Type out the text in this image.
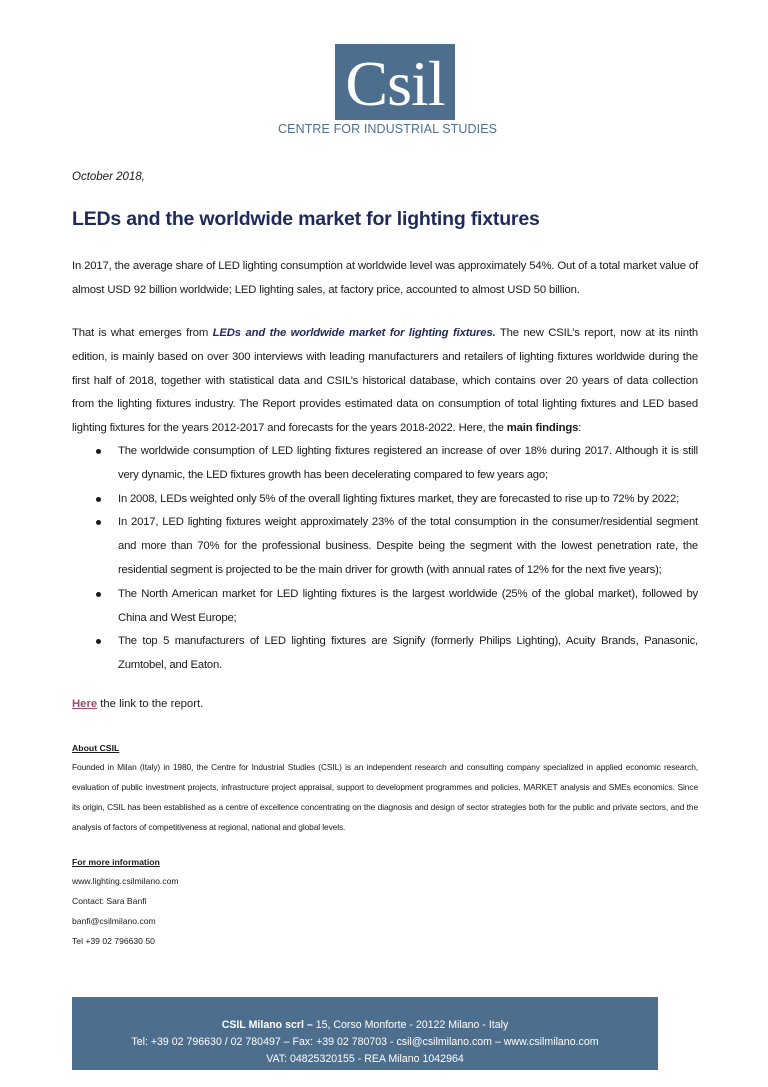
Csil
CENTRE FOR INDUSTRIAL STUDIES
October 2018,
LEDs and the worldwide market for lighting fixtures
In 2017, the average share of LED lighting consumption at worldwide level was approximately 54%. Out of a total market value of almost USD 92 billion worldwide; LED lighting sales, at factory price, accounted to almost USD 50 billion.
That is what emerges from LEDs and the worldwide market for lighting fixtures. The new CSIL’s report, now at its ninth edition, is mainly based on over 300 interviews with leading manufacturers and retailers of lighting fixtures worldwide during the first half of 2018, together with statistical data and CSIL’s historical database, which contains over 20 years of data collection from the lighting fixtures industry. The Report provides estimated data on consumption of total lighting fixtures and LED based lighting fixtures for the years 2012-2017 and forecasts for the years 2018-2022. Here, the main findings:
The worldwide consumption of LED lighting fixtures registered an increase of over 18% during 2017. Although it is still very dynamic, the LED fixtures growth has been decelerating compared to few years ago;
In 2008, LEDs weighted only 5% of the overall lighting fixtures market, they are forecasted to rise up to 72% by 2022;
In 2017, LED lighting fixtures weight approximately 23% of the total consumption in the consumer/residential segment and more than 70% for the professional business. Despite being the segment with the lowest penetration rate, the residential segment is projected to be the main driver for growth (with annual rates of 12% for the next five years);
The North American market for LED lighting fixtures is the largest worldwide (25% of the global market), followed by China and West Europe;
The top 5 manufacturers of LED lighting fixtures are Signify (formerly Philips Lighting), Acuity Brands, Panasonic, Zumtobel, and Eaton.
Here the link to the report.
About CSIL
Founded in Milan (Italy) in 1980, the Centre for Industrial Studies (CSIL) is an independent research and consulting company specialized in applied economic research, evaluation of public investment projects, infrastructure project appraisal, support to development programmes and policies, MARKET analysis and SMEs economics. Since its origin, CSIL has been established as a centre of excellence concentrating on the diagnosis and design of sector strategies both for the public and private sectors, and the analysis of factors of competitiveness at regional, national and global levels.
For more information
www.lighting.csilmilano.com
Contact: Sara Banfi
banfi@csilmilano.com
Tel +39 02 796630 50
CSIL Milano scrl – 15, Corso Monforte - 20122 Milano - Italy
Tel: +39 02 796630 / 02 780497 – Fax: +39 02 780703 - csil@csilmilano.com – www.csilmilano.com
VAT: 04825320155 - REA Milano 1042964
